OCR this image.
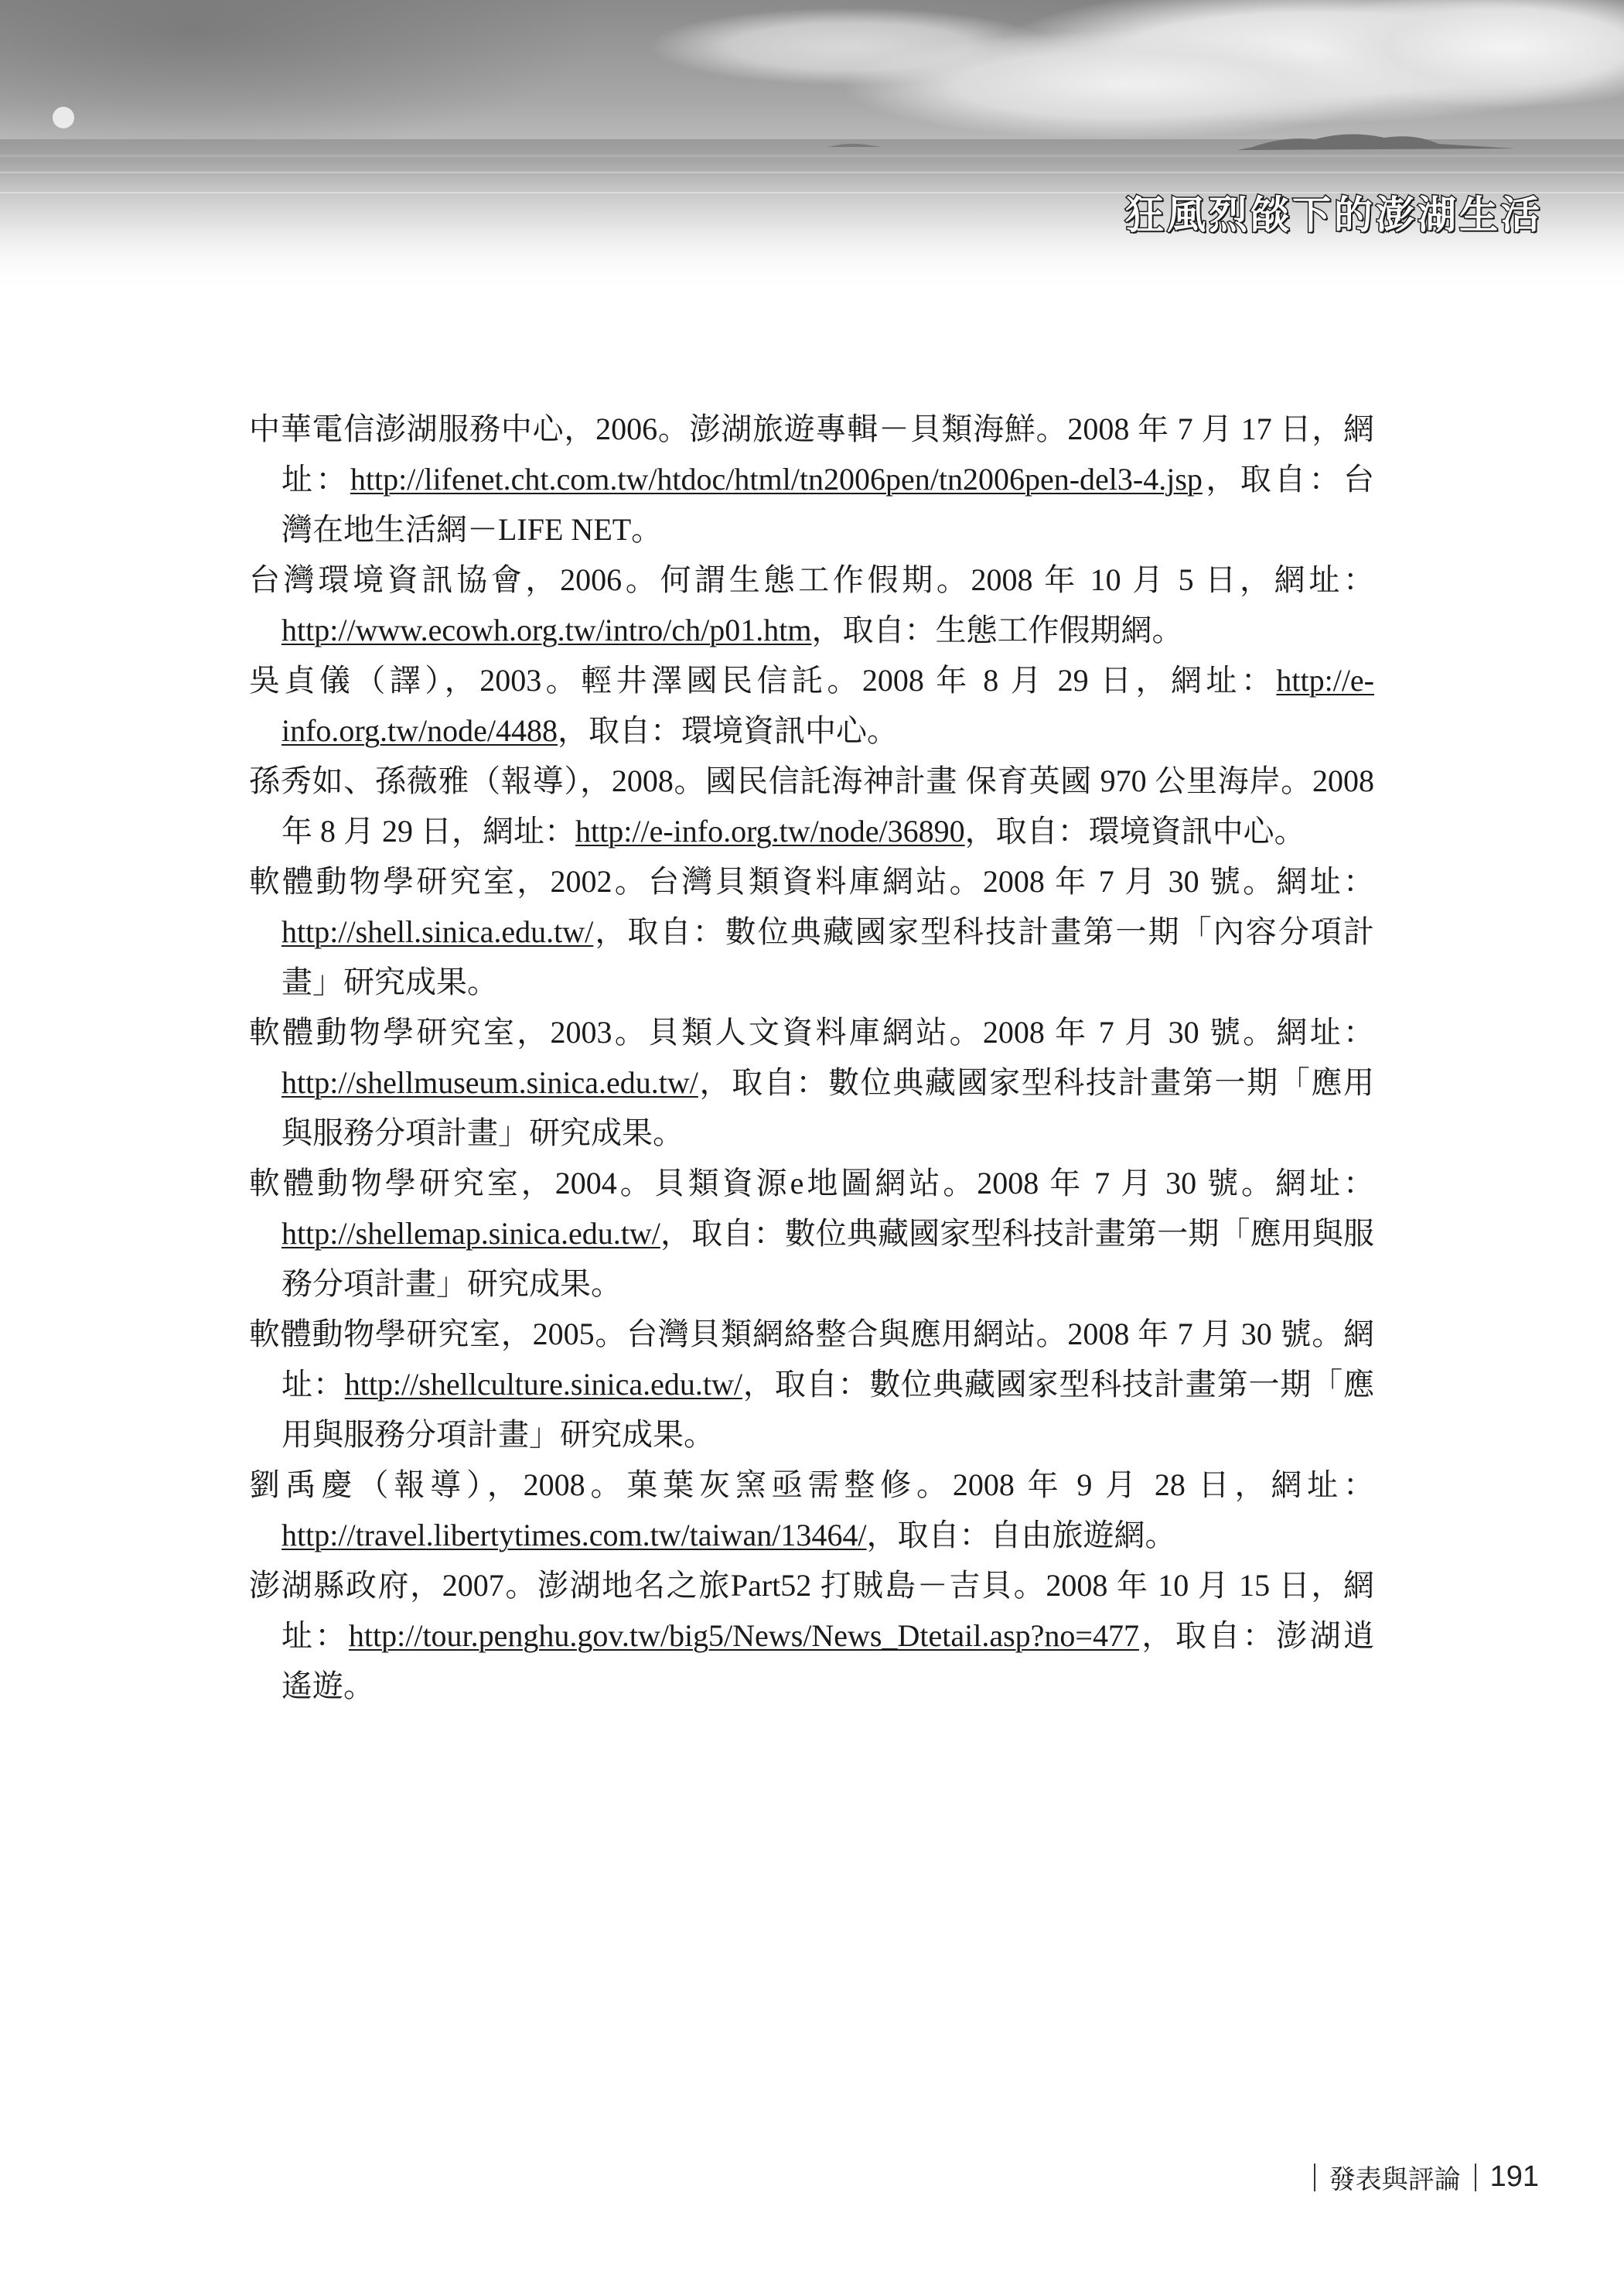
狂風烈燄下的澎湖生活

中華電信澎湖服務中心，2006。澎湖旅遊專輯－貝類海鮮。2008 年 7 月 17 日，網址：http://lifenet.cht.com.tw/htdoc/html/tn2006pen/tn2006pen-del3-4.jsp，取自：台灣在地生活網－LIFE NET。

台灣環境資訊協會，2006。何謂生態工作假期。2008 年 10 月 5 日，網址：http://www.ecowh.org.tw/intro/ch/p01.htm，取自：生態工作假期網。

吳貞儀（譯），2003。輕井澤國民信託。2008 年 8 月 29 日，網址：http://e-info.org.tw/node/4488，取自：環境資訊中心。

孫秀如、孫薇雅（報導），2008。國民信託海神計畫 保育英國 970 公里海岸。2008 年 8 月 29 日，網址：http://e-info.org.tw/node/36890，取自：環境資訊中心。

軟體動物學研究室，2002。台灣貝類資料庫網站。2008 年 7 月 30 號。網址：http://shell.sinica.edu.tw/，取自：數位典藏國家型科技計畫第一期「內容分項計畫」研究成果。

軟體動物學研究室，2003。貝類人文資料庫網站。2008 年 7 月 30 號。網址：http://shellmuseum.sinica.edu.tw/，取自：數位典藏國家型科技計畫第一期「應用與服務分項計畫」研究成果。

軟體動物學研究室，2004。貝類資源e地圖網站。2008 年 7 月 30 號。網址：http://shellemap.sinica.edu.tw/，取自：數位典藏國家型科技計畫第一期「應用與服務分項計畫」研究成果。

軟體動物學研究室，2005。台灣貝類網絡整合與應用網站。2008 年 7 月 30 號。網址：http://shellculture.sinica.edu.tw/，取自：數位典藏國家型科技計畫第一期「應用與服務分項計畫」研究成果。

劉禹慶（報導），2008。菓葉灰窯亟需整修。2008 年 9 月 28 日，網址：http://travel.libertytimes.com.tw/taiwan/13464/，取自：自由旅遊網。

澎湖縣政府，2007。澎湖地名之旅Part52 打賊島－吉貝。2008 年 10 月 15 日，網址：http://tour.penghu.gov.tw/big5/News/News_Dtetail.asp?no=477，取自：澎湖逍遙遊。

發表與評論 191
